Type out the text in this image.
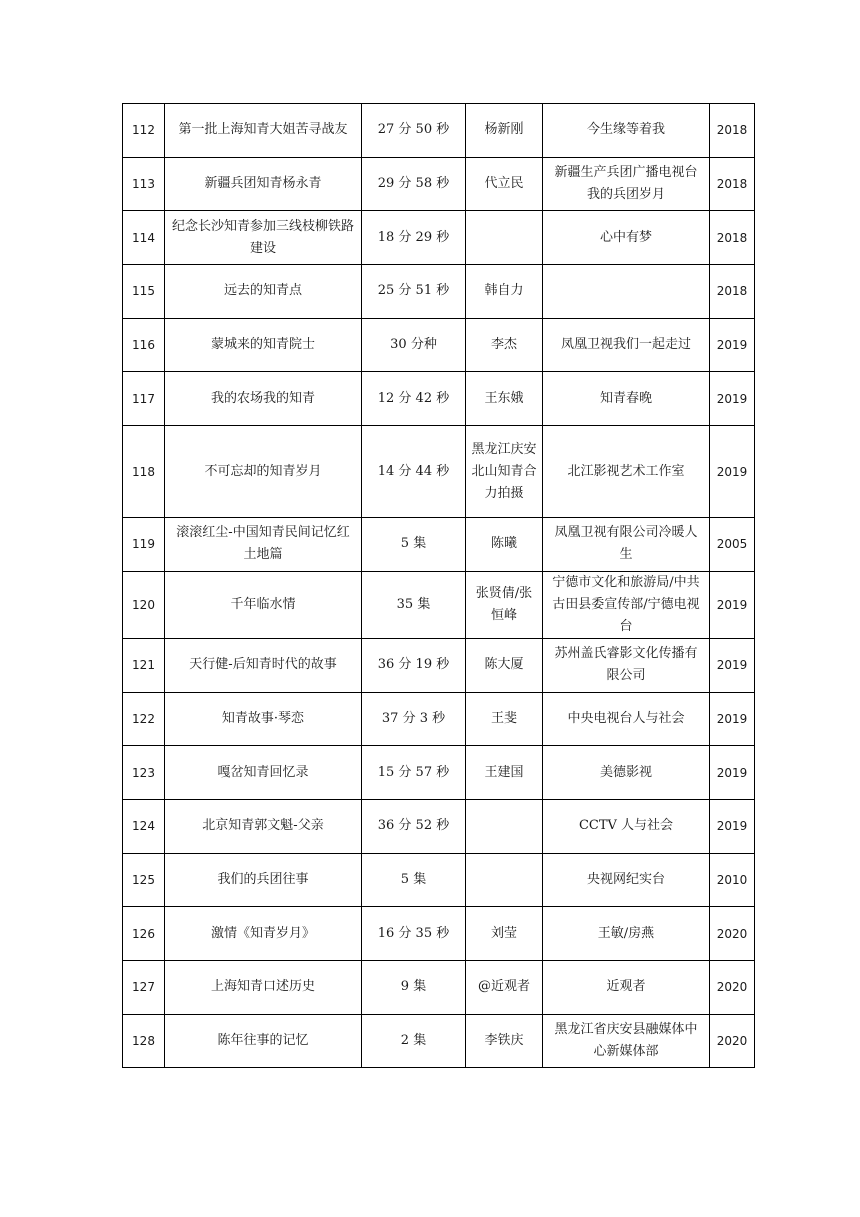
112	第一批上海知青大姐苦寻战友	27 分 50 秒	杨新刚	今生缘等着我	2018
113	新疆兵团知青杨永青	29 分 58 秒	代立民	新疆生产兵团广播电视台我的兵团岁月	2018
114	纪念长沙知青参加三线枝柳铁路建设	18 分 29 秒		心中有梦	2018
115	远去的知青点	25 分 51 秒	韩自力		2018
116	蒙城来的知青院士	30 分种	李杰	凤凰卫视我们一起走过	2019
117	我的农场我的知青	12 分 42 秒	王东娥	知青春晚	2019
118	不可忘却的知青岁月	14 分 44 秒	黑龙江庆安北山知青合力拍摄	北江影视艺术工作室	2019
119	滚滚红尘-中国知青民间记忆红土地篇	5 集	陈曦	凤凰卫视有限公司冷暖人生	2005
120	千年临水情	35 集	张贤倩/张恒峰	宁德市文化和旅游局/中共古田县委宣传部/宁德电视台	2019
121	天行健-后知青时代的故事	36 分 19 秒	陈大厦	苏州盖氏睿影文化传播有限公司	2019
122	知青故事·琴恋	37 分 3 秒	王斐	中央电视台人与社会	2019
123	嘎岔知青回忆录	15 分 57 秒	王建国	美德影视	2019
124	北京知青郭文魁-父亲	36 分 52 秒		CCTV 人与社会	2019
125	我们的兵团往事	5 集		央视网纪实台	2010
126	激情《知青岁月》	16 分 35 秒	刘莹	王敏/房燕	2020
127	上海知青口述历史	9 集	@近观者	近观者	2020
128	陈年往事的记忆	2 集	李铁庆	黑龙江省庆安县融媒体中心新媒体部	2020
